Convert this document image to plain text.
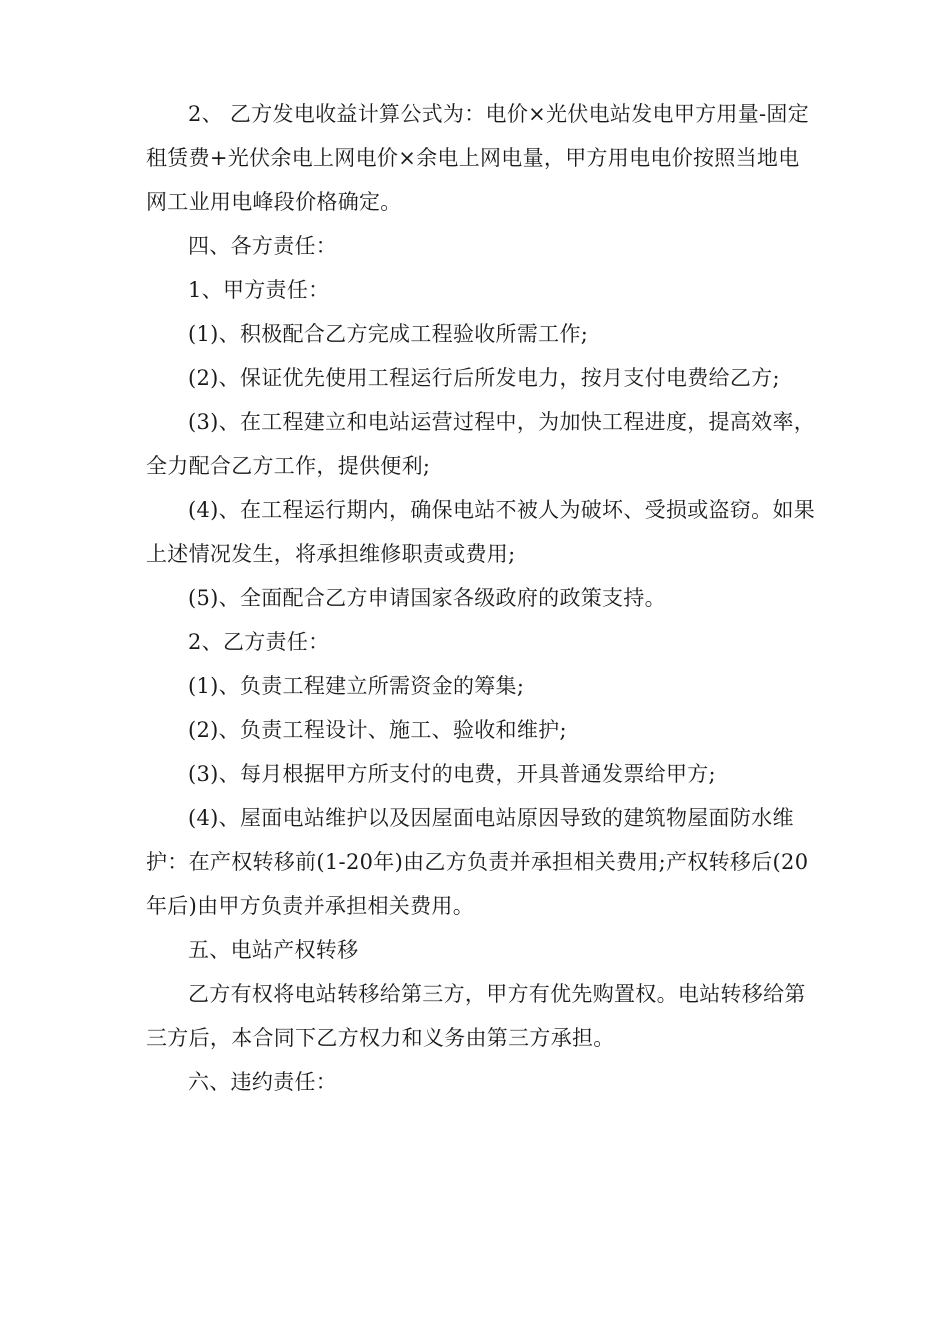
2、 乙方发电收益计算公式为：电价×光伏电站发电甲方用量-固定租赁费+光伏余电上网电价×余电上网电量，甲方用电电价按照当地电网工业用电峰段价格确定。

四、各方责任：

1、甲方责任：

(1)、积极配合乙方完成工程验收所需工作;

(2)、保证优先使用工程运行后所发电力，按月支付电费给乙方;

(3)、在工程建立和电站运营过程中，为加快工程进度，提高效率，全力配合乙方工作，提供便利;

(4)、在工程运行期内，确保电站不被人为破坏、受损或盗窃。如果上述情况发生，将承担维修职责或费用;

(5)、全面配合乙方申请国家各级政府的政策支持。

2、乙方责任：

(1)、负责工程建立所需资金的筹集;

(2)、负责工程设计、施工、验收和维护;

(3)、每月根据甲方所支付的电费，开具普通发票给甲方;

(4)、屋面电站维护以及因屋面电站原因导致的建筑物屋面防水维护：在产权转移前(1-20年)由乙方负责并承担相关费用;产权转移后(20年后)由甲方负责并承担相关费用。

五、电站产权转移

乙方有权将电站转移给第三方，甲方有优先购置权。电站转移给第三方后，本合同下乙方权力和义务由第三方承担。

六、违约责任：
